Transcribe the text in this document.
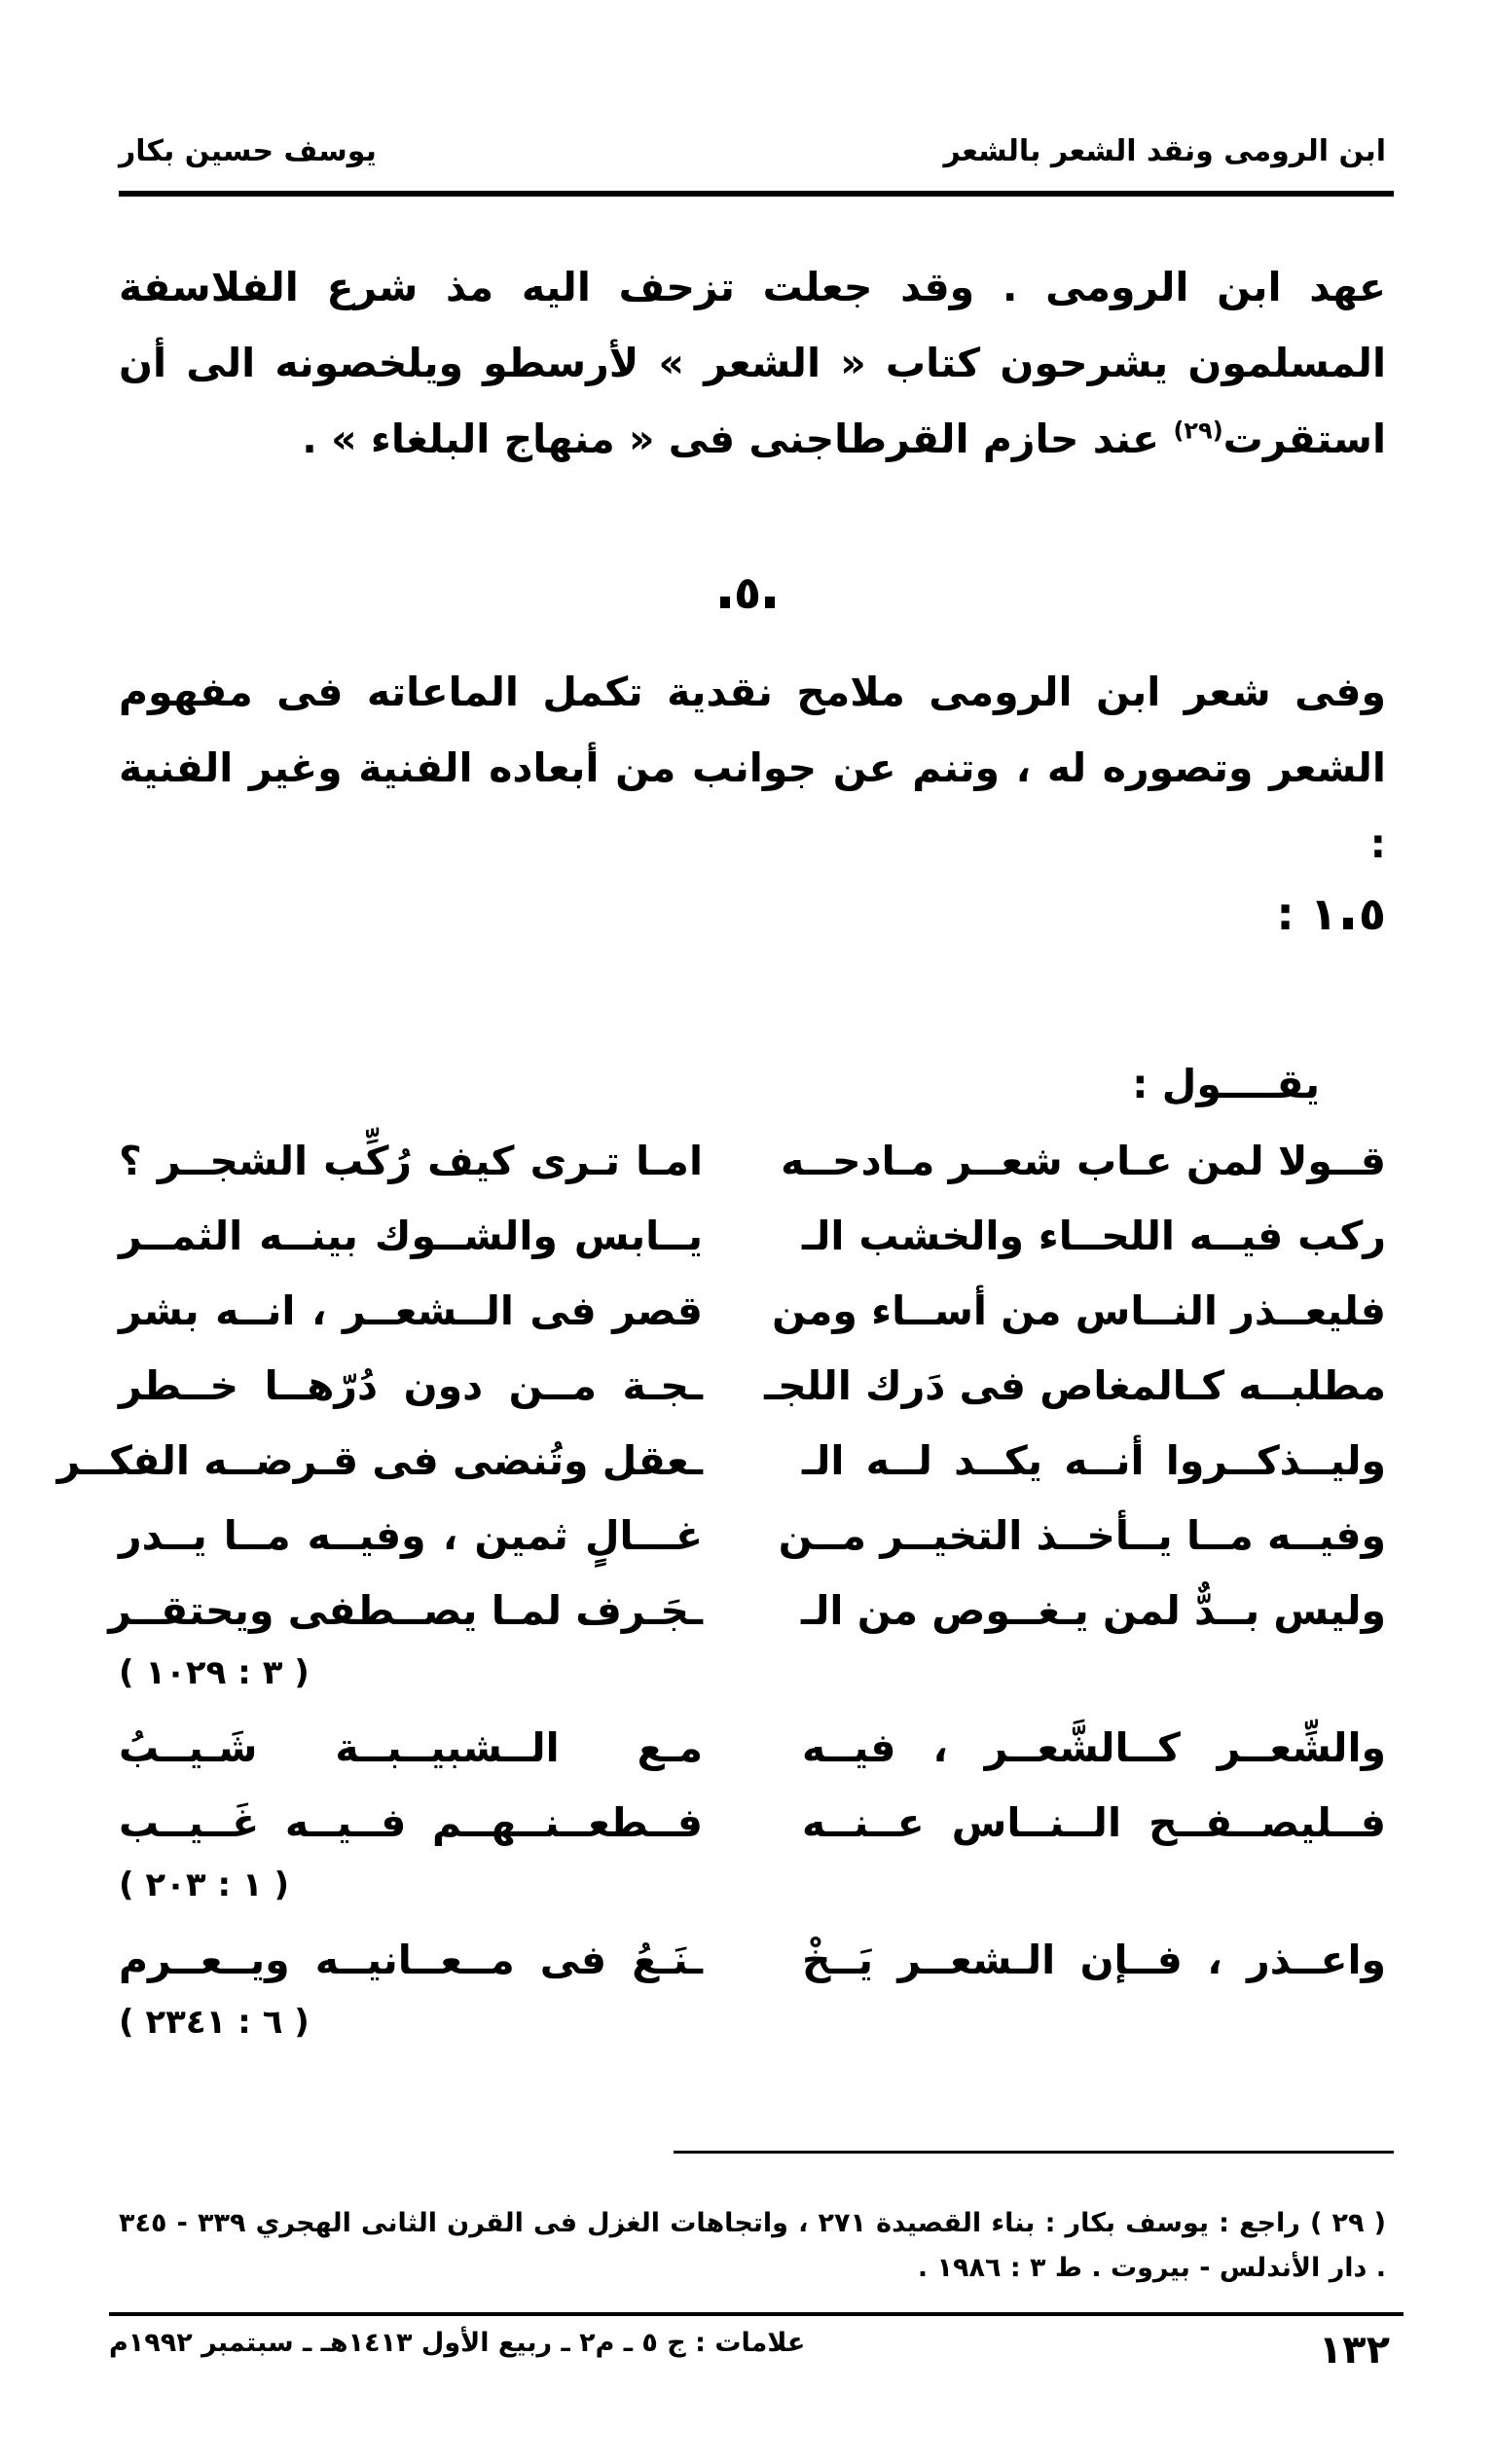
ابن الرومى ونقد الشعر بالشعر
يوسف حسين بكار
عهد ابن الرومى . وقد جعلت تزحف اليه مذ شرع الفلاسفة المسلمون يشرحون كتاب « الشعر » لأرسطو ويلخصونه الى أن استقرت$^{(٢٩)}$ عند حازم القرطاجنى فى « منهاج البلغاء » .
٥
وفى شعر ابن الرومى ملامح نقدية تكمل الماعاته فى مفهوم الشعر وتصوره له ، وتنم عن جوانب من أبعاده الفنية وغير الفنية :
٥١ :
يقــــول :
قــولا لمن عـاب شعــر مـادحــه
امـا تـرى كيف رُكِّب الشجــر ؟
ركب فيــه اللحــاء والخشب الـ
يــابس والشــوك بينــه الثمــر
فليعــذر النــاس من أســاء ومن
قصر فى الــشعــر ، انــه بشر
مطلبــه كـالمغاص فى دَرك اللجـ
ـجـة مــن دون دُرّهــا خــطر
وليــذكــروا أنــه يكــد لــه الـ
ـعقل وتُنضى فى قـرضــه الفكــر
وفيــه مــا يــأخــذ التخيــر مــن
غـــالٍ ثمين ، وفيــه مــا يــدر
وليس بــدٌّ لمن يـغــوص من الـ
ـجَـرف لمـا يصــطفى ويحتقــر
( ٣ : ١٠٢٩ )
والشِّعــر كــالشَّعــر ، فيــه
مـع الــشبيــبــة شَـيــبُ
فــليصــفــح الــنــاس عــنــه
فــطعــنــهــم فــيــه غَــيــب
( ١ : ٢٠٣ )
واعــذر ، فــإن الـشعــر يَــخْ
ـنَـعُ فى مــعــانيــه ويــعــرم
( ٦ : ٢٣٤١ )
( ٢٩ ) راجع : يوسف بكار : بناء القصيدة ٢٧١ ، واتجاهات الغزل فى القرن الثانى الهجري ٣٣٩ - ٣٤٥ . دار الأندلس - بيروت . ط ٣ : ١٩٨٦ .
علامات : ج ٥ ـ م٢ ـ ربيع الأول ١٤١٣هـ ـ سبتمبر ١٩٩٢م	١٣٢
